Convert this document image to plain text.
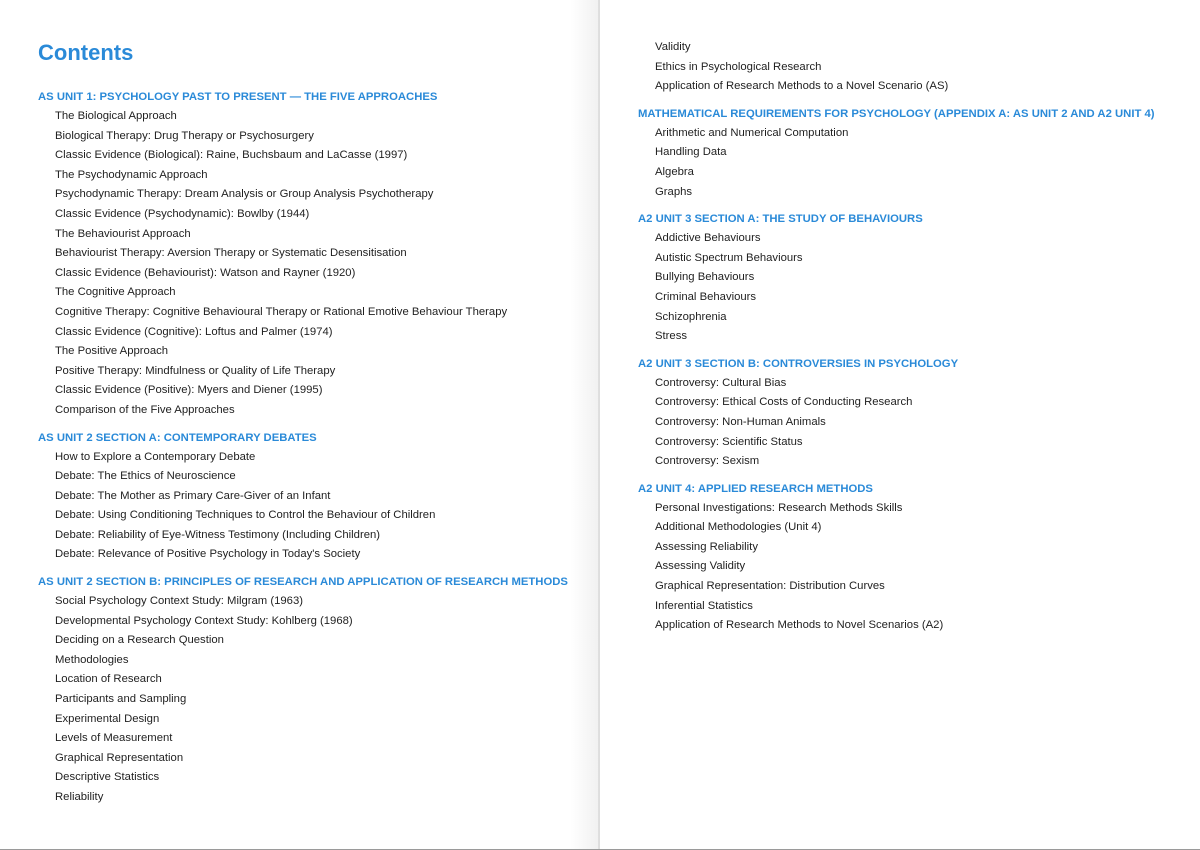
Contents
AS UNIT 1: PSYCHOLOGY PAST TO PRESENT — THE FIVE APPROACHES
The Biological Approach
Biological Therapy: Drug Therapy or Psychosurgery
Classic Evidence (Biological): Raine, Buchsbaum and LaCasse (1997)
The Psychodynamic Approach
Psychodynamic Therapy: Dream Analysis or Group Analysis Psychotherapy
Classic Evidence (Psychodynamic): Bowlby (1944)
The Behaviourist Approach
Behaviourist Therapy: Aversion Therapy or Systematic Desensitisation
Classic Evidence (Behaviourist): Watson and Rayner (1920)
The Cognitive Approach
Cognitive Therapy: Cognitive Behavioural Therapy or Rational Emotive Behaviour Therapy
Classic Evidence (Cognitive): Loftus and Palmer (1974)
The Positive Approach
Positive Therapy: Mindfulness or Quality of Life Therapy
Classic Evidence (Positive): Myers and Diener (1995)
Comparison of the Five Approaches
AS UNIT 2 SECTION A: CONTEMPORARY DEBATES
How to Explore a Contemporary Debate
Debate: The Ethics of Neuroscience
Debate: The Mother as Primary Care-Giver of an Infant
Debate: Using Conditioning Techniques to Control the Behaviour of Children
Debate: Reliability of Eye-Witness Testimony (Including Children)
Debate: Relevance of Positive Psychology in Today's Society
AS UNIT 2 SECTION B: PRINCIPLES OF RESEARCH AND APPLICATION OF RESEARCH METHODS
Social Psychology Context Study: Milgram (1963)
Developmental Psychology Context Study: Kohlberg (1968)
Deciding on a Research Question
Methodologies
Location of Research
Participants and Sampling
Experimental Design
Levels of Measurement
Graphical Representation
Descriptive Statistics
Reliability
Validity
Ethics in Psychological Research
Application of Research Methods to a Novel Scenario (AS)
MATHEMATICAL REQUIREMENTS FOR PSYCHOLOGY (APPENDIX A: AS UNIT 2 AND A2 UNIT 4)
Arithmetic and Numerical Computation
Handling Data
Algebra
Graphs
A2 UNIT 3 SECTION A: THE STUDY OF BEHAVIOURS
Addictive Behaviours
Autistic Spectrum Behaviours
Bullying Behaviours
Criminal Behaviours
Schizophrenia
Stress
A2 UNIT 3 SECTION B: CONTROVERSIES IN PSYCHOLOGY
Controversy: Cultural Bias
Controversy: Ethical Costs of Conducting Research
Controversy: Non-Human Animals
Controversy: Scientific Status
Controversy: Sexism
A2 UNIT 4: APPLIED RESEARCH METHODS
Personal Investigations: Research Methods Skills
Additional Methodologies (Unit 4)
Assessing Reliability
Assessing Validity
Graphical Representation: Distribution Curves
Inferential Statistics
Application of Research Methods to Novel Scenarios (A2)
